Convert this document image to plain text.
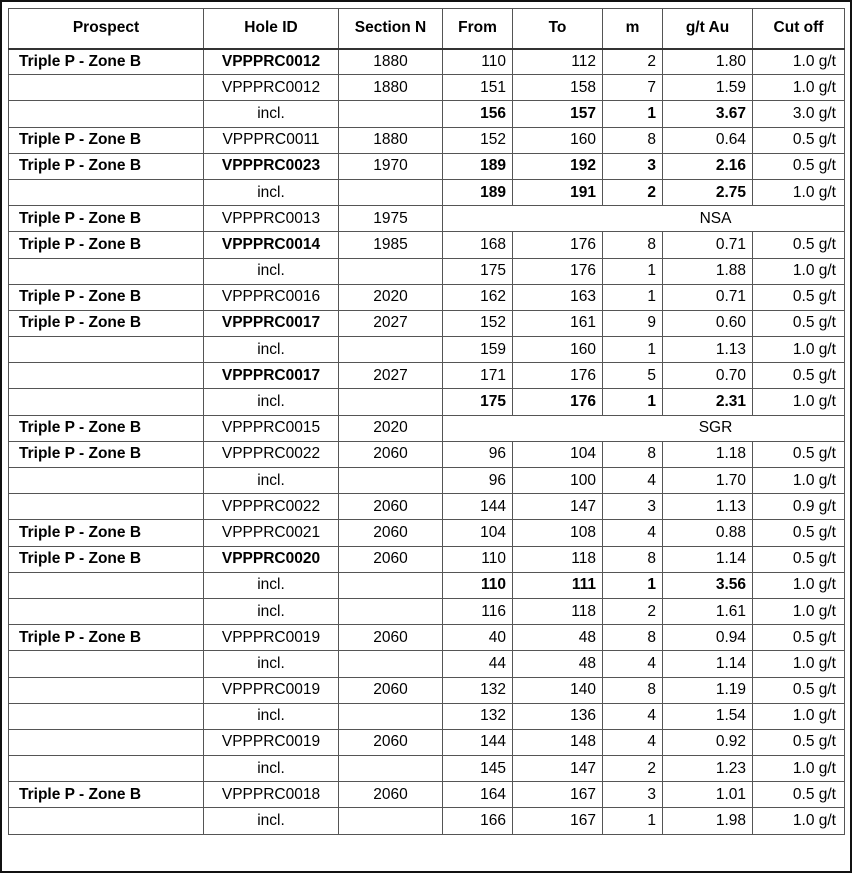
Prospect	Hole ID	Section N	From	To	m	g/t Au	Cut off
Triple P - Zone B	VPPPRC0012	1880	110	112	2	1.80	1.0 g/t
	VPPPRC0012	1880	151	158	7	1.59	1.0 g/t
	incl.		156	157	1	3.67	3.0 g/t
Triple P - Zone B	VPPPRC0011	1880	152	160	8	0.64	0.5 g/t
Triple P - Zone B	VPPPRC0023	1970	189	192	3	2.16	0.5 g/t
	incl.		189	191	2	2.75	1.0 g/t
Triple P - Zone B	VPPPRC0013	1975	NSA				
Triple P - Zone B	VPPPRC0014	1985	168	176	8	0.71	0.5 g/t
	incl.		175	176	1	1.88	1.0 g/t
Triple P - Zone B	VPPPRC0016	2020	162	163	1	0.71	0.5 g/t
Triple P - Zone B	VPPPRC0017	2027	152	161	9	0.60	0.5 g/t
	incl.		159	160	1	1.13	1.0 g/t
	VPPPRC0017	2027	171	176	5	0.70	0.5 g/t
	incl.		175	176	1	2.31	1.0 g/t
Triple P - Zone B	VPPPRC0015	2020	SGR				
Triple P - Zone B	VPPPRC0022	2060	96	104	8	1.18	0.5 g/t
	incl.		96	100	4	1.70	1.0 g/t
	VPPPRC0022	2060	144	147	3	1.13	0.9 g/t
Triple P - Zone B	VPPPRC0021	2060	104	108	4	0.88	0.5 g/t
Triple P - Zone B	VPPPRC0020	2060	110	118	8	1.14	0.5 g/t
	incl.		110	111	1	3.56	1.0 g/t
	incl.		116	118	2	1.61	1.0 g/t
Triple P - Zone B	VPPPRC0019	2060	40	48	8	0.94	0.5 g/t
	incl.		44	48	4	1.14	1.0 g/t
	VPPPRC0019	2060	132	140	8	1.19	0.5 g/t
	incl.		132	136	4	1.54	1.0 g/t
	VPPPRC0019	2060	144	148	4	0.92	0.5 g/t
	incl.		145	147	2	1.23	1.0 g/t
Triple P - Zone B	VPPPRC0018	2060	164	167	3	1.01	0.5 g/t
	incl.		166	167	1	1.98	1.0 g/t
